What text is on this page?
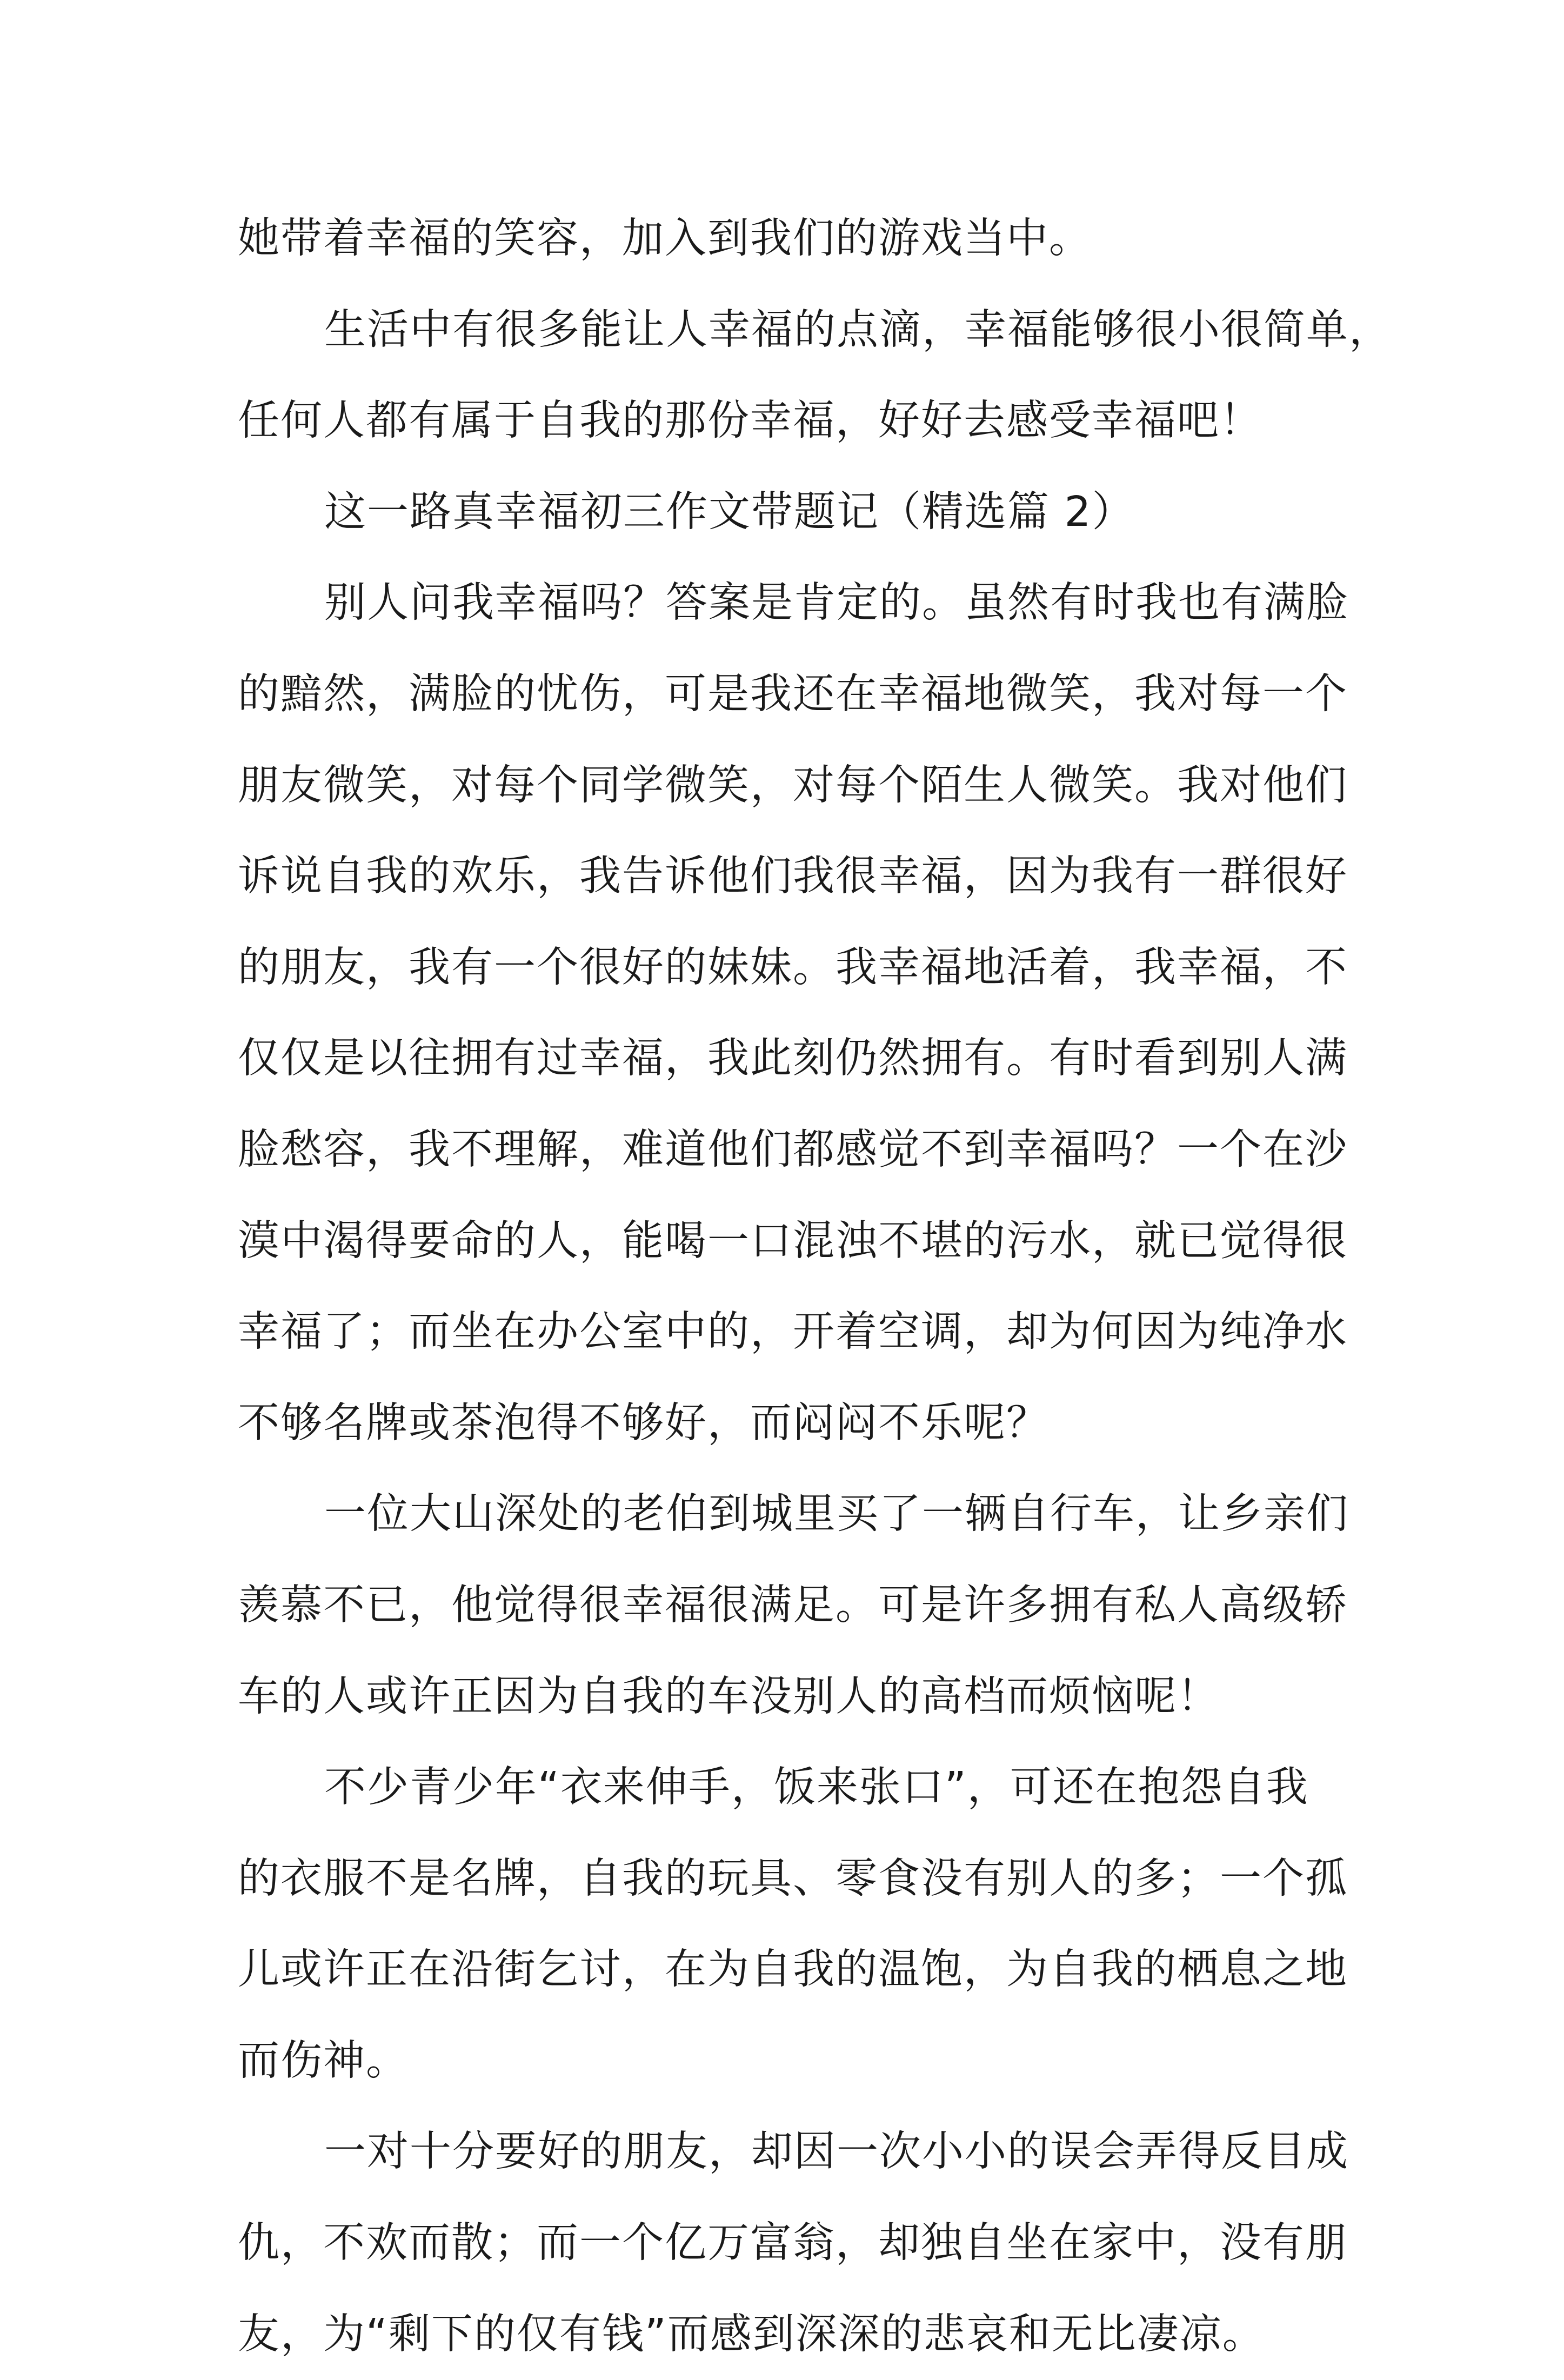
她带着幸福的笑容，加入到我们的游戏当中。
生活中有很多能让人幸福的点滴，幸福能够很小很简单，
任何人都有属于自我的那份幸福，好好去感受幸福吧！
这一路真幸福初三作文带题记（精选篇 2）
别人问我幸福吗？答案是肯定的。虽然有时我也有满脸
的黯然，满脸的忧伤，可是我还在幸福地微笑，我对每一个
朋友微笑，对每个同学微笑，对每个陌生人微笑。我对他们
诉说自我的欢乐，我告诉他们我很幸福，因为我有一群很好
的朋友，我有一个很好的妹妹。我幸福地活着，我幸福，不
仅仅是以往拥有过幸福，我此刻仍然拥有。有时看到别人满
脸愁容，我不理解，难道他们都感觉不到幸福吗？一个在沙
漠中渴得要命的人，能喝一口混浊不堪的污水，就已觉得很
幸福了；而坐在办公室中的，开着空调，却为何因为纯净水
不够名牌或茶泡得不够好，而闷闷不乐呢？
一位大山深处的老伯到城里买了一辆自行车，让乡亲们
羡慕不已，他觉得很幸福很满足。可是许多拥有私人高级轿
车的人或许正因为自我的车没别人的高档而烦恼呢！
不少青少年“衣来伸手，饭来张口”，可还在抱怨自我
的衣服不是名牌，自我的玩具、零食没有别人的多；一个孤
儿或许正在沿街乞讨，在为自我的温饱，为自我的栖息之地
而伤神。
一对十分要好的朋友，却因一次小小的误会弄得反目成
仇，不欢而散；而一个亿万富翁，却独自坐在家中，没有朋
友，为“剩下的仅有钱”而感到深深的悲哀和无比凄凉。
